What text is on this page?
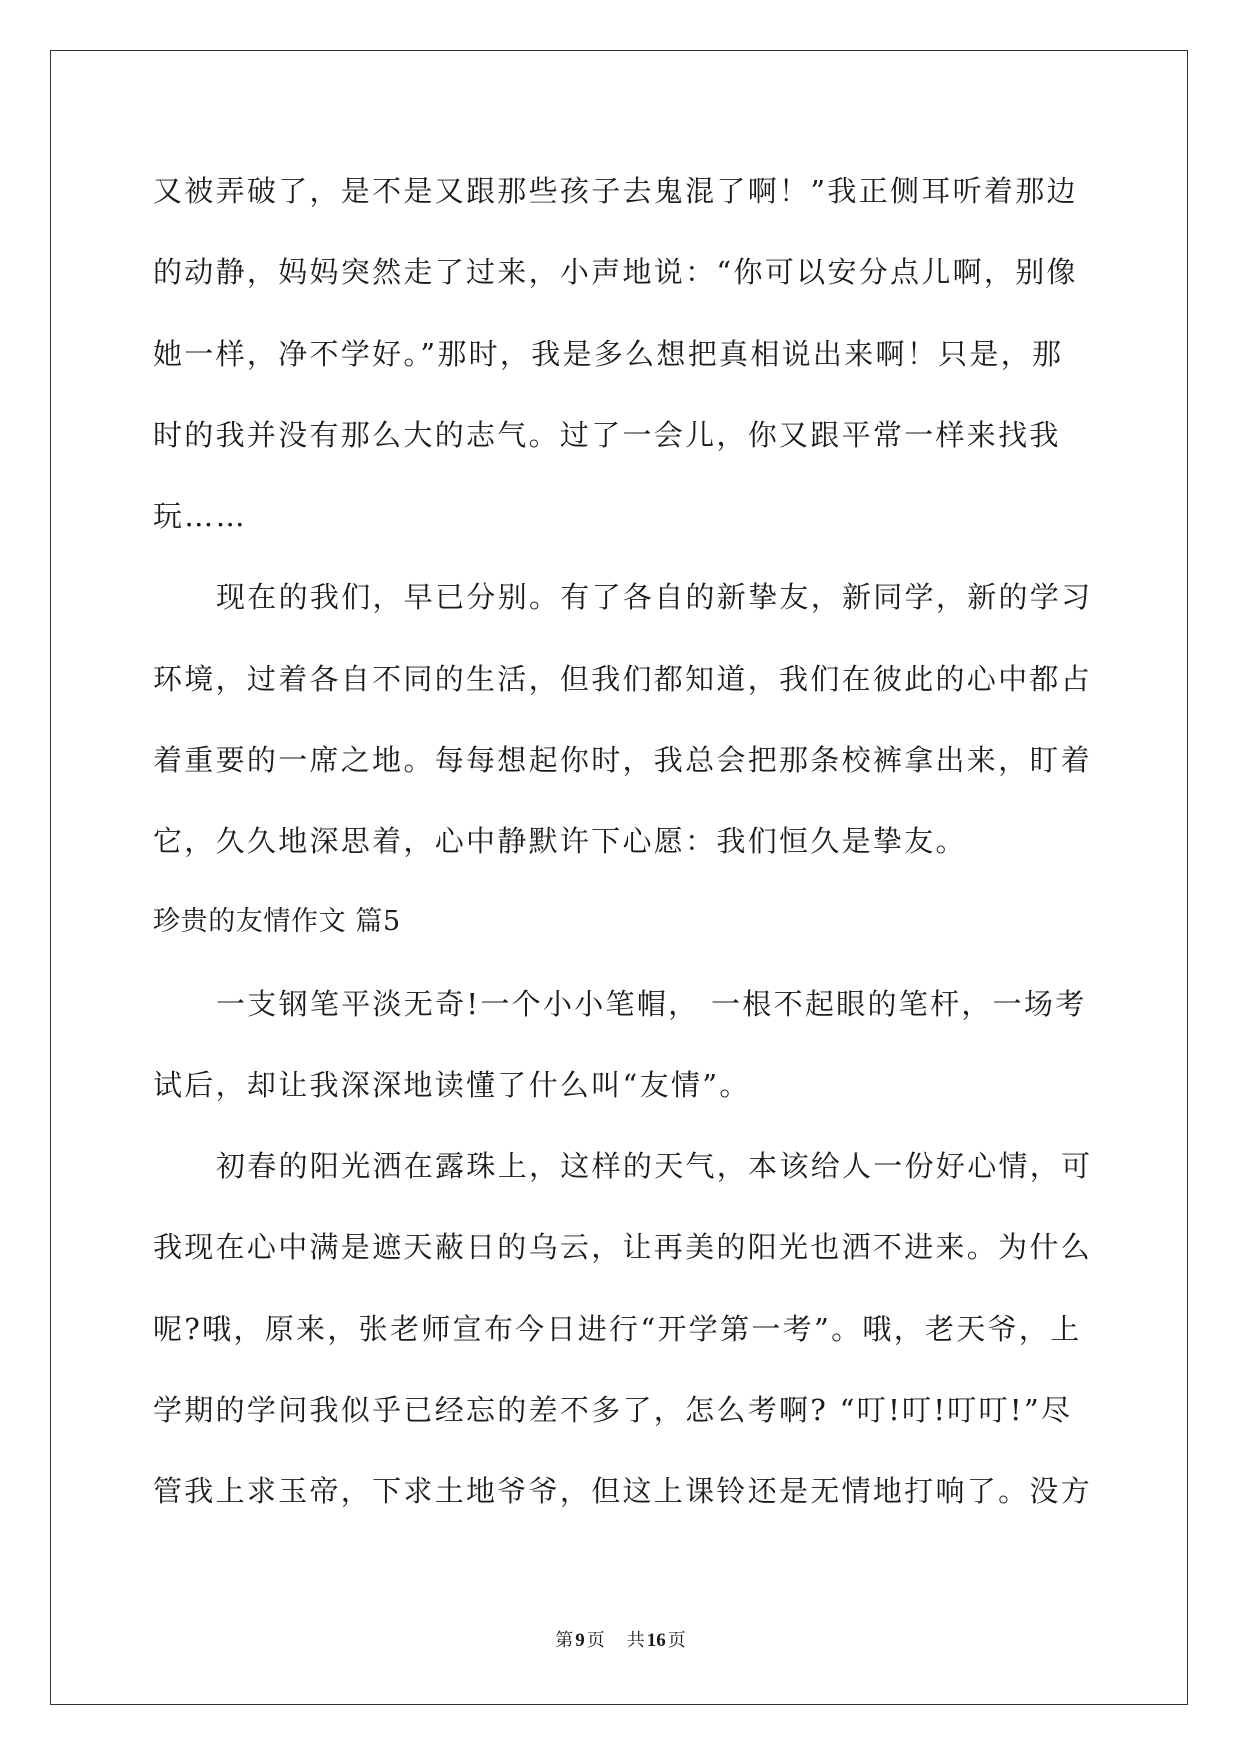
又被弄破了，是不是又跟那些孩子去鬼混了啊！”我正侧耳听着那边
的动静，妈妈突然走了过来，小声地说：“你可以安分点儿啊，别像
她一样，净不学好。”那时，我是多么想把真相说出来啊！只是，那
时的我并没有那么大的志气。过了一会儿，你又跟平常一样来找我
玩……
现在的我们，早已分别。有了各自的新挚友，新同学，新的学习
环境，过着各自不同的生活，但我们都知道，我们在彼此的心中都占
着重要的一席之地。每每想起你时，我总会把那条校裤拿出来，盯着
它，久久地深思着，心中静默许下心愿：我们恒久是挚友。
珍贵的友情作文 篇5
一支钢笔平淡无奇!一个小小笔帽， 一根不起眼的笔杆，一场考
试后，却让我深深地读懂了什么叫“友情”。
初春的阳光洒在露珠上，这样的天气，本该给人一份好心情，可
我现在心中满是遮天蔽日的乌云，让再美的阳光也洒不进来。为什么
呢?哦，原来，张老师宣布今日进行“开学第一考”。哦，老天爷，上
学期的学问我似乎已经忘的差不多了，怎么考啊? “叮!叮!叮叮!”尽
管我上求玉帝，下求土地爷爷，但这上课铃还是无情地打响了。没方
第 9 页 共 16 页
